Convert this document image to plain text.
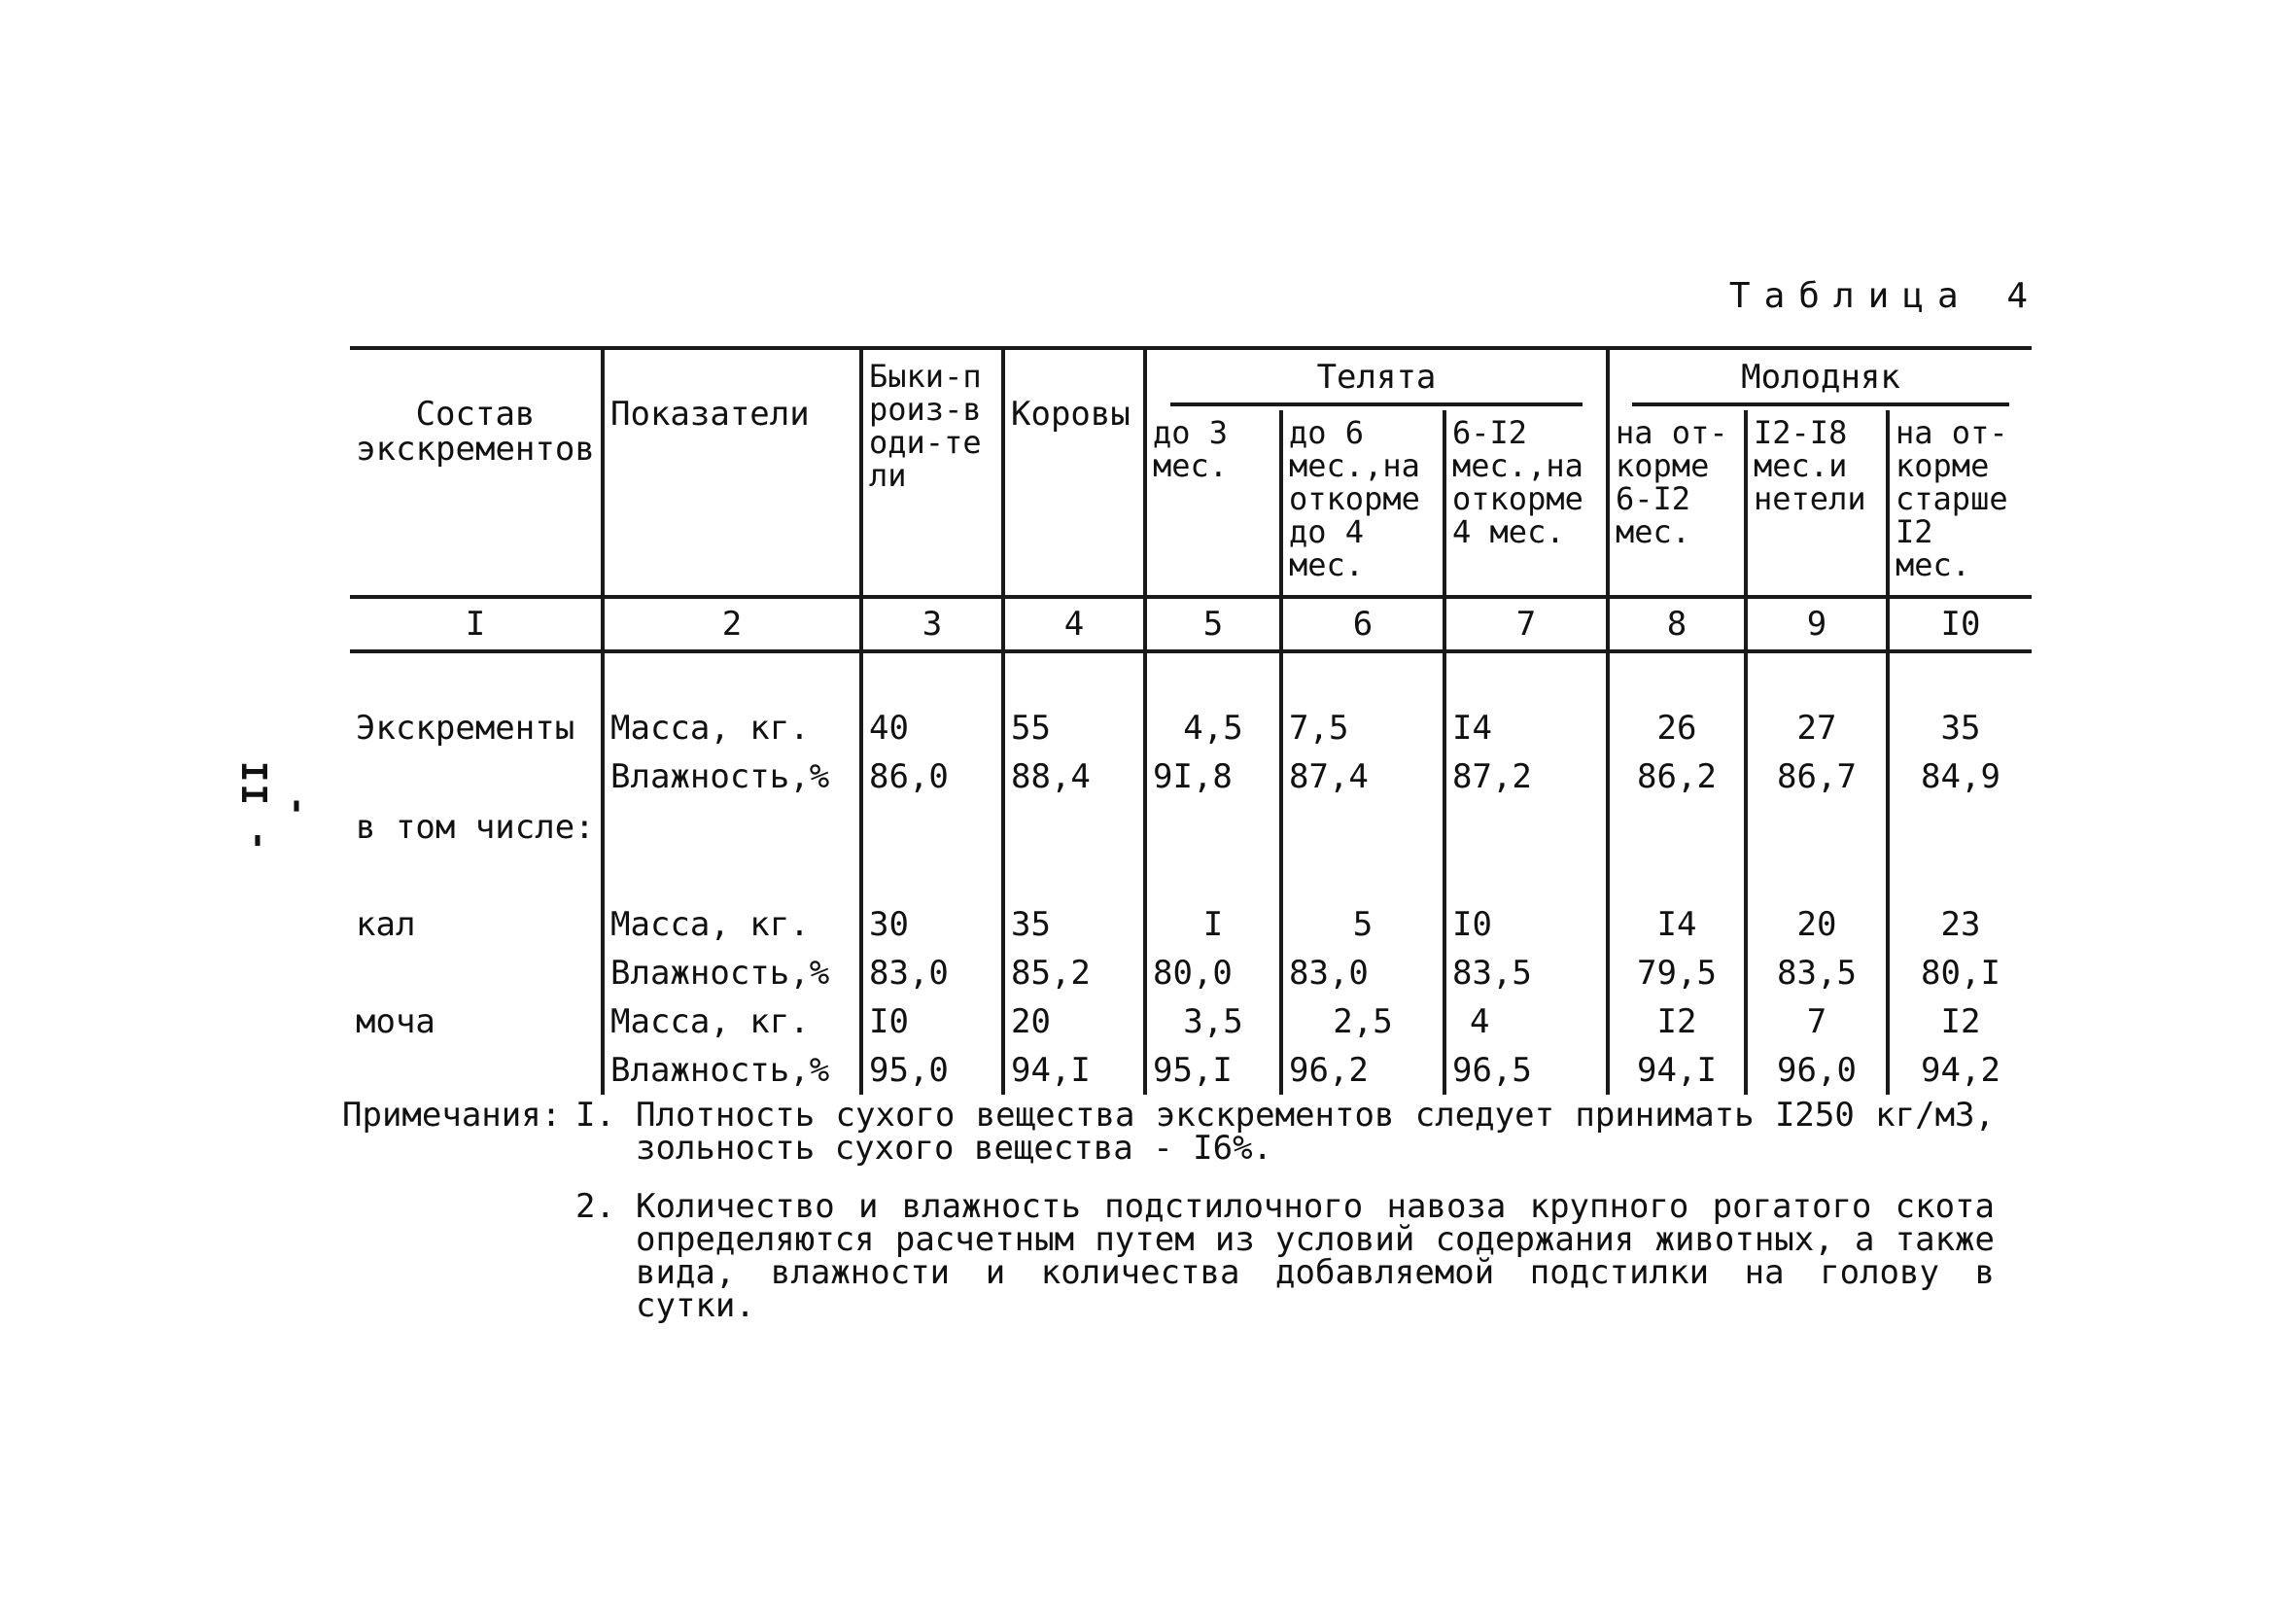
- II -
Таблица 4
Состав экскрементов	Показатели	Быки-произ-води-тели	Коровы	Телята			Молодняк		
				до 3 мес.	до 6 мес.,на откорме до 4 мес.	6-I2 мес.,на откорме 4 мес.	на от-корме 6-I2 мес.	I2-I8 мес.и нетели	на от-корме старше I2 мес.
I	2	3	4	5	6	7	8	9	I0
Экскременты	Масса, кг.	40	55	4,5	7,5	I4	26	27	35
	Влажность,%	86,0	88,4	9I,8	87,4	87,2	86,2	86,7	84,9
в том числе:									
кал	Масса, кг.	30	35	I	5	I0	I4	20	23
	Влажность,%	83,0	85,2	80,0	83,0	83,5	79,5	83,5	80,I
моча	Масса, кг.	I0	20	3,5	2,5	4	I2	7	I2
	Влажность,%	95,0	94,I	95,I	96,2	96,5	94,I	96,0	94,2
Примечания: I. Плотность сухого вещества экскрементов следует принимать I250 кг/м3, зольность сухого вещества - I6%.
2. Количество и влажность подстилочного навоза крупного рогатого скота определяются расчетным путем из условий содержания животных, а также вида, влажности и количества добавляемой подстилки на голову в сутки.
